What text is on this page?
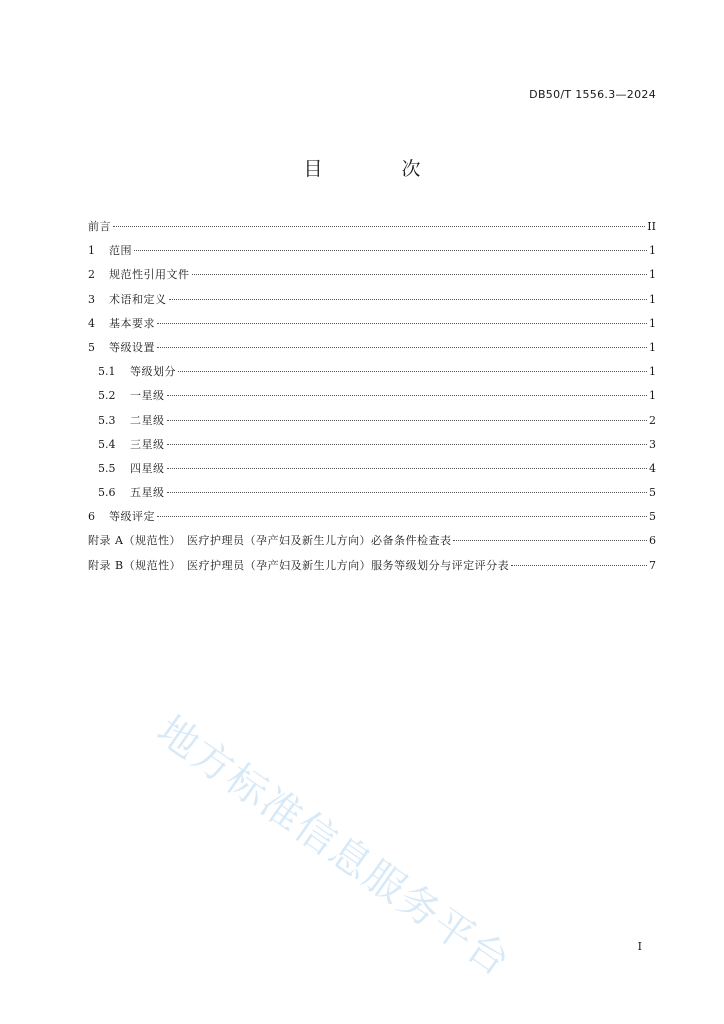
DB50/T 1556.3—2024
目　次
前言	II
1	范围	1
2	规范性引用文件	1
3	术语和定义	1
4	基本要求	1
5	等级设置	1
5.1	等级划分	1
5.2	一星级	1
5.3	二星级	2
5.4	三星级	3
5.5	四星级	4
5.6	五星级	5
6	等级评定	5
附录 A（规范性）　医疗护理员（孕产妇及新生儿方向）必备条件检查表	6
附录 B（规范性）　医疗护理员（孕产妇及新生儿方向）服务等级划分与评定评分表	7
地方标准信息服务平台	I
